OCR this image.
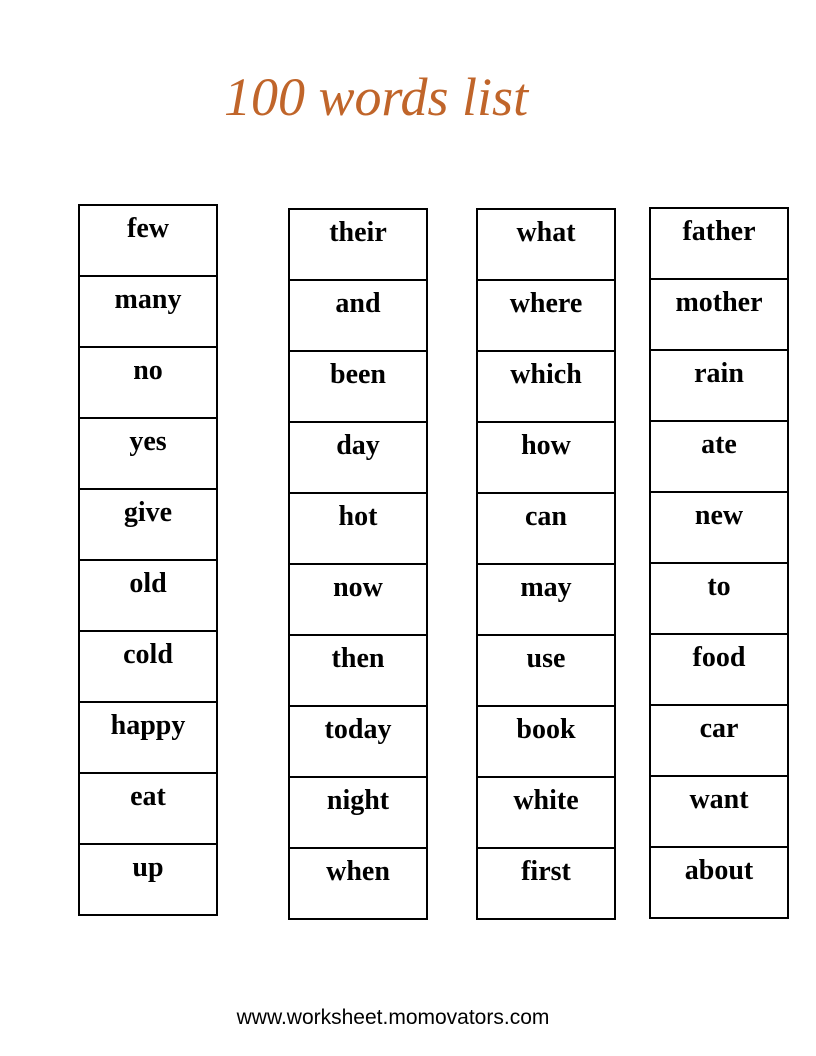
100 words list
few
many
no
yes
give
old
cold
happy
eat
up
their
and
been
day
hot
now
then
today
night
when
what
where
which
how
can
may
use
book
white
first
father
mother
rain
ate
new
to
food
car
want
about
www.worksheet.momovators.com
